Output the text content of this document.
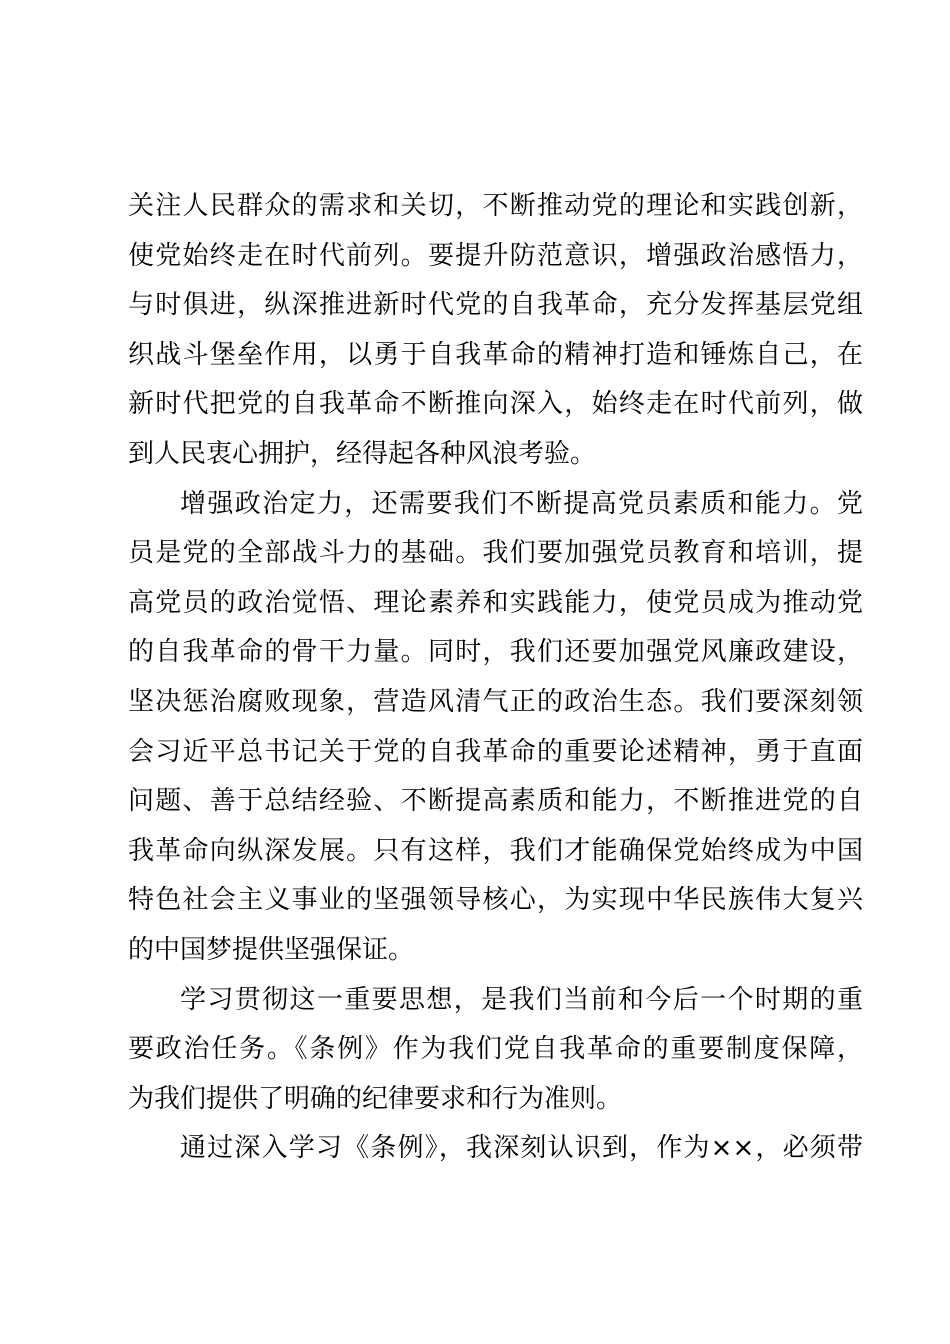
关注人民群众的需求和关切，不断推动党的理论和实践创新，
使党始终走在时代前列。要提升防范意识，增强政治感悟力，
与时俱进，纵深推进新时代党的自我革命，充分发挥基层党组
织战斗堡垒作用，以勇于自我革命的精神打造和锤炼自己，在
新时代把党的自我革命不断推向深入，始终走在时代前列，做
到人民衷心拥护，经得起各种风浪考验。
增强政治定力，还需要我们不断提高党员素质和能力。党
员是党的全部战斗力的基础。我们要加强党员教育和培训，提
高党员的政治觉悟、理论素养和实践能力，使党员成为推动党
的自我革命的骨干力量。同时，我们还要加强党风廉政建设，
坚决惩治腐败现象，营造风清气正的政治生态。我们要深刻领
会习近平总书记关于党的自我革命的重要论述精神，勇于直面
问题、善于总结经验、不断提高素质和能力，不断推进党的自
我革命向纵深发展。只有这样，我们才能确保党始终成为中国
特色社会主义事业的坚强领导核心，为实现中华民族伟大复兴
的中国梦提供坚强保证。
学习贯彻这一重要思想，是我们当前和今后一个时期的重
要政治任务。《条例》作为我们党自我革命的重要制度保障，
为我们提供了明确的纪律要求和行为准则。
通过深入学习《条例》，我深刻认识到，作为××，必须带
